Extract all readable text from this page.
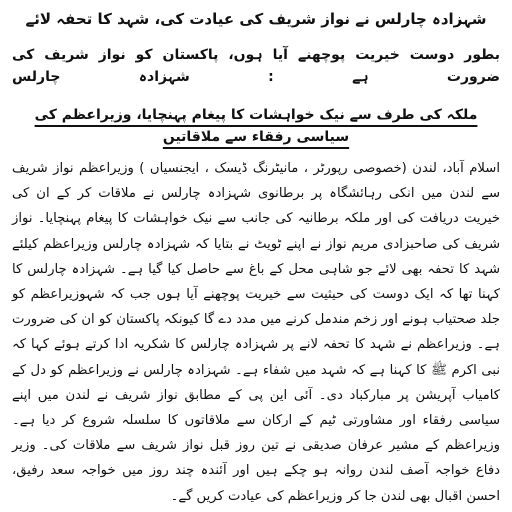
شہزادہ چارلس نے نواز شریف کی عیادت کی، شہد کا تحفہ لائے

بطور دوست خیریت پوچھنے آیا ہوں، پاکستان کو نواز شریف کی ضرورت ہے : شہزادہ چارلس

ملکہ کی طرف سے نیک خواہشات کا پیغام پہنچایا، وزیراعظم کی سیاسی رفقاء سے ملاقاتیں

اسلام آباد، لندن (خصوصی رپورٹر ، مانیٹرنگ ڈیسک ، ایجنسیاں ) وزیراعظم نواز شریف سے لندن میں انکی رہائشگاہ پر برطانوی شہزادہ چارلس نے ملاقات کر کے ان کی خیریت دریافت کی اور ملکہ برطانیہ کی جانب سے نیک خواہشات کا پیغام پہنچایا۔ نواز شریف کی صاحبزادی مریم نواز نے اپنے ٹویٹ نے بتایا کہ شہزادہ چارلس وزیراعظم کیلئے شہد کا تحفہ بھی لائے جو شاہی محل کے باغ سے حاصل کیا گیا ہے۔ شہزادہ چارلس کا کہنا تھا کہ ایک دوست کی حیثیت سے خیریت پوچھنے آیا ہوں جب کہ شہوزیراعظم کو جلد صحتیاب ہونے اور زخم مندمل کرنے میں مدد دے گا کیونکہ پاکستان کو ان کی ضرورت ہے۔ وزیراعظم نے شہد کا تحفہ لانے پر شہزادہ چارلس کا شکریہ ادا کرتے ہوئے کہا کہ نبی اکرم ﷺ کا کہنا ہے کہ شہد میں شفاء ہے۔ شہزادہ چارلس نے وزیراعظم کو دل کے کامیاب آپریشن پر مبارکباد دی۔ آئی این پی کے مطابق نواز شریف نے لندن میں اپنے سیاسی رفقاء اور مشاورتی ٹیم کے ارکان سے ملاقاتوں کا سلسلہ شروع کر دیا ہے۔ وزیراعظم کے مشیر عرفان صدیقی نے تین روز قبل نواز شریف سے ملاقات کی۔ وزیر دفاع خواجہ آصف لندن روانہ ہو چکے ہیں اور آئندہ چند روز میں خواجہ سعد رفیق، احسن اقبال بھی لندن جا کر وزیراعظم کی عیادت کریں گے۔
